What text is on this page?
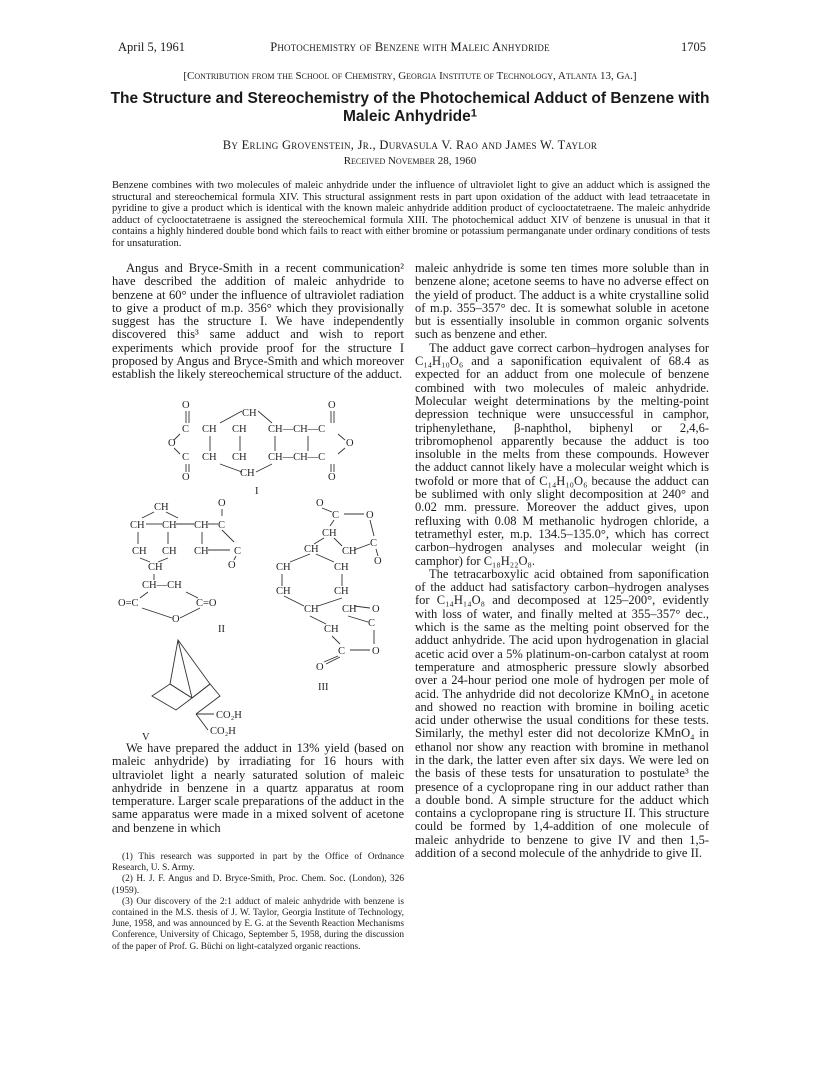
April 5, 1961	Photochemistry of Benzene with Maleic Anhydride	1705
[Contribution from the School of Chemistry, Georgia Institute of Technology, Atlanta 13, Ga.]
The Structure and Stereochemistry of the Photochemical Adduct of Benzene with Maleic Anhydride$^1$
By Erling Grovenstein, Jr., Durvasula V. Rao and James W. Taylor
Received November 28, 1960
Benzene combines with two molecules of maleic anhydride under the influence of ultraviolet light to give an adduct which is assigned the structural and stereochemical formula XIV. This structural assignment rests in part upon oxidation of the adduct with lead tetraacetate in pyridine to give a product which is identical with the known maleic anhydride addition product of cyclooctatetraene. The maleic anhydride adduct of cyclooctatetraene is assigned the stereochemical formula XIII. The photochemical adduct XIV of benzene is unusual in that it contains a highly hindered double bond which fails to react with either bromine or potassium permanganate under ordinary conditions of tests for unsaturation.

Angus and Bryce-Smith in a recent communication² have described the addition of maleic anhydride to benzene at 60° under the influence of ultraviolet radiation to give a product of m.p. 356° which they provisionally suggest has the structure I. We have independently discovered this³ same adduct and wish to report experiments which provide proof for the structure I proposed by Angus and Bryce-Smith and which moreover establish the likely stereochemical structure of the adduct.

O	O
CH
C CH CH CH—CH—C
O	O
C CH CH CH—CH—C
CH
O	O
I
CH	O
CH CH CH C
CH CH CH C
CH	O
CH—CH
O=C	C=O
O
II
O
C	O
CH
C
CH CH
O
CH	CH
CH	CH
CH CH O
CH
C
C	O
O
III
CO₂H
CO₂H
V

We have prepared the adduct in 13% yield (based on maleic anhydride) by irradiating for 16 hours with ultraviolet light a nearly saturated solution of maleic anhydride in benzene in a quartz apparatus at room temperature. Larger scale preparations of the adduct in the same apparatus were made in a mixed solvent of acetone and benzene in which

(1) This research was supported in part by the Office of Ordnance Research, U. S. Army.
(2) H. J. F. Angus and D. Bryce-Smith, Proc. Chem. Soc. (London), 326 (1959).
(3) Our discovery of the 2:1 adduct of maleic anhydride with benzene is contained in the M.S. thesis of J. W. Taylor, Georgia Institute of Technology, June, 1958, and was announced by E. G. at the Seventh Reaction Mechanisms Conference, University of Chicago, September 5, 1958, during the discussion of the paper of Prof. G. Büchi on light-catalyzed organic reactions.

maleic anhydride is some ten times more soluble than in benzene alone; acetone seems to have no adverse effect on the yield of product. The adduct is a white crystalline solid of m.p. 355–357° dec. It is somewhat soluble in acetone but is essentially insoluble in common organic solvents such as benzene and ether.

The adduct gave correct carbon–hydrogen analyses for C₁₄H₁₀O₆ and a saponification equivalent of 68.4 as expected for an adduct from one molecule of benzene combined with two molecules of maleic anhydride. Molecular weight determinations by the melting-point depression technique were unsuccessful in camphor, triphenylethane, β-naphthol, biphenyl or 2,4,6-tribromophenol apparently because the adduct is too insoluble in the melts from these compounds. However the adduct cannot likely have a molecular weight which is twofold or more that of C₁₄H₁₀O₆ because the adduct can be sublimed with only slight decomposition at 240° and 0.02 mm. pressure. Moreover the adduct gives, upon refluxing with 0.08 M methanolic hydrogen chloride, a tetramethyl ester, m.p. 134.5–135.0°, which has correct carbon–hydrogen analyses and molecular weight (in camphor) for C₁₈H₂₂O₈.

The tetracarboxylic acid obtained from saponification of the adduct had satisfactory carbon–hydrogen analyses for C₁₄H₁₄O₈ and decomposed at 125–200°, evidently with loss of water, and finally melted at 355–357° dec., which is the same as the melting point observed for the adduct anhydride. The acid upon hydrogenation in glacial acetic acid over a 5% platinum-on-carbon catalyst at room temperature and atmospheric pressure slowly absorbed over a 24-hour period one mole of hydrogen per mole of acid. The anhydride did not decolorize KMnO₄ in acetone and showed no reaction with bromine in boiling acetic acid under otherwise the usual conditions for these tests. Similarly, the methyl ester did not decolorize KMnO₄ in ethanol nor show any reaction with bromine in methanol in the dark, the latter even after six days. We were led on the basis of these tests for unsaturation to postulate³ the presence of a cyclopropane ring in our adduct rather than a double bond. A simple structure for the adduct which contains a cyclopropane ring is structure II. This structure could be formed by 1,4-addition of one molecule of maleic anhydride to benzene to give IV and then 1,5-addition of a second molecule of the anhydride to give II.
